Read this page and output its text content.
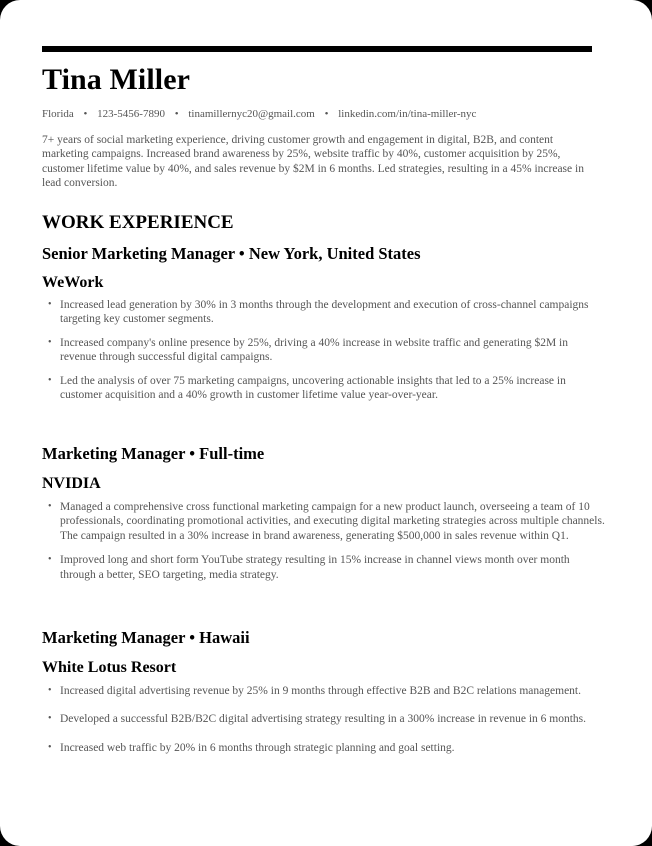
Tina Miller
Florida • 123-5456-7890 • tinamillernyc20@gmail.com • linkedin.com/in/tina-miller-nyc

7+ years of social marketing experience, driving customer growth and engagement in digital, B2B, and content marketing campaigns. Increased brand awareness by 25%, website traffic by 40%, customer acquisition by 25%, customer lifetime value by 40%, and sales revenue by $2M in 6 months. Led strategies, resulting in a 45% increase in lead conversion.

WORK EXPERIENCE
Senior Marketing Manager • New York, United States
WeWork
• Increased lead generation by 30% in 3 months through the development and execution of cross-channel campaigns targeting key customer segments.
• Increased company's online presence by 25%, driving a 40% increase in website traffic and generating $2M in revenue through successful digital campaigns.
• Led the analysis of over 75 marketing campaigns, uncovering actionable insights that led to a 25% increase in customer acquisition and a 40% growth in customer lifetime value year-over-year.
Marketing Manager • Full-time
NVIDIA
• Managed a comprehensive cross functional marketing campaign for a new product launch, overseeing a team of 10 professionals, coordinating promotional activities, and executing digital marketing strategies across multiple channels. The campaign resulted in a 30% increase in brand awareness, generating $500,000 in sales revenue within Q1.
• Improved long and short form YouTube strategy resulting in 15% increase in channel views month over month through a better, SEO targeting, media strategy.
Marketing Manager • Hawaii
White Lotus Resort
• Increased digital advertising revenue by 25% in 9 months through effective B2B and B2C relations management.
• Developed a successful B2B/B2C digital advertising strategy resulting in a 300% increase in revenue in 6 months.
• Increased web traffic by 20% in 6 months through strategic planning and goal setting.
